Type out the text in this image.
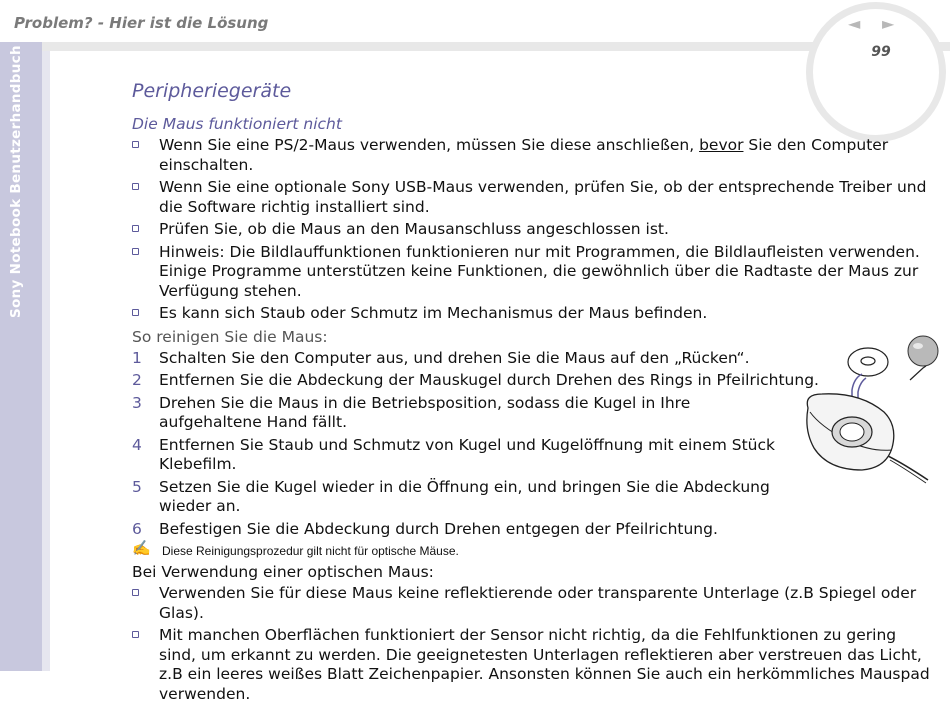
Problem? - Hier ist die Lösung
Sony Notebook Benutzerhandbuch
◄ ►
99
Peripheriegeräte
Die Maus funktioniert nicht
Wenn Sie eine PS/2-Maus verwenden, müssen Sie diese anschließen, bevor Sie den Computer einschalten.
Wenn Sie eine optionale Sony USB-Maus verwenden, prüfen Sie, ob der entsprechende Treiber und die Software richtig installiert sind.
Prüfen Sie, ob die Maus an den Mausanschluss angeschlossen ist.
Hinweis: Die Bildlauffunktionen funktionieren nur mit Programmen, die Bildlaufleisten verwenden. Einige Programme unterstützen keine Funktionen, die gewöhnlich über die Radtaste der Maus zur Verfügung stehen.
Es kann sich Staub oder Schmutz im Mechanismus der Maus befinden.

So reinigen Sie die Maus:

1 Schalten Sie den Computer aus, und drehen Sie die Maus auf den „Rücken“.
2 Entfernen Sie die Abdeckung der Mauskugel durch Drehen des Rings in Pfeilrichtung.
3 Drehen Sie die Maus in die Betriebsposition, sodass die Kugel in Ihre aufgehaltene Hand fällt.
4 Entfernen Sie Staub und Schmutz von Kugel und Kugelöffnung mit einem Stück Klebefilm.
5 Setzen Sie die Kugel wieder in die Öffnung ein, und bringen Sie die Abdeckung wieder an.
6 Befestigen Sie die Abdeckung durch Drehen entgegen der Pfeilrichtung.
✍ Diese Reinigungsprozedur gilt nicht für optische Mäuse.

Bei Verwendung einer optischen Maus:

Verwenden Sie für diese Maus keine reflektierende oder transparente Unterlage (z.B Spiegel oder Glas).
Mit manchen Oberflächen funktioniert der Sensor nicht richtig, da die Fehlfunktionen zu gering sind, um erkannt zu werden. Die geeignetesten Unterlagen reflektieren aber verstreuen das Licht, z.B ein leeres weißes Blatt Zeichenpapier. Ansonsten können Sie auch ein herkömmliches Mauspad verwenden.
